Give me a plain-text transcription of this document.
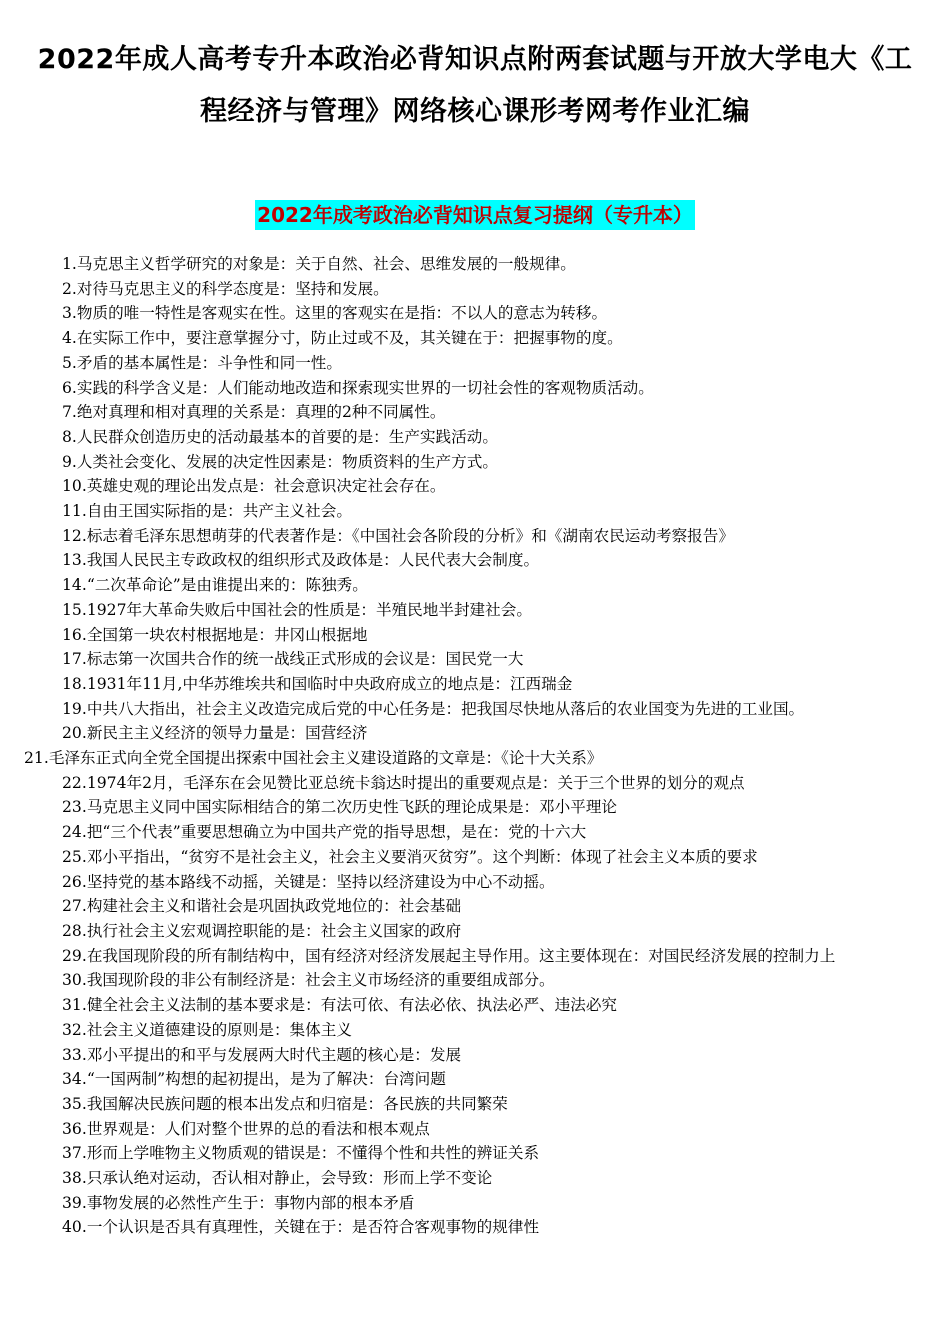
2022年成人高考专升本政治必背知识点附两套试题与开放大学电大《工
程经济与管理》网络核心课形考网考作业汇编
2022年成考政治必背知识点复习提纲（专升本）
1.马克思主义哲学研究的对象是：关于自然、社会、思维发展的一般规律。
2.对待马克思主义的科学态度是：坚持和发展。
3.物质的唯一特性是客观实在性。这里的客观实在是指：不以人的意志为转移。
4.在实际工作中，要注意掌握分寸，防止过或不及，其关键在于：把握事物的度。
5.矛盾的基本属性是：斗争性和同一性。
6.实践的科学含义是：人们能动地改造和探索现实世界的一切社会性的客观物质活动。
7.绝对真理和相对真理的关系是：真理的2种不同属性。
8.人民群众创造历史的活动最基本的首要的是：生产实践活动。
9.人类社会变化、发展的决定性因素是：物质资料的生产方式。
10.英雄史观的理论出发点是：社会意识决定社会存在。
11.自由王国实际指的是：共产主义社会。
12.标志着毛泽东思想萌芽的代表著作是：《中国社会各阶段的分析》和《湖南农民运动考察报告》
13.我国人民民主专政政权的组织形式及政体是：人民代表大会制度。
14.“二次革命论”是由谁提出来的：陈独秀。
15.1927年大革命失败后中国社会的性质是：半殖民地半封建社会。
16.全国第一块农村根据地是：井冈山根据地
17.标志第一次国共合作的统一战线正式形成的会议是：国民党一大
18.1931年11月,中华苏维埃共和国临时中央政府成立的地点是：江西瑞金
19.中共八大指出，社会主义改造完成后党的中心任务是：把我国尽快地从落后的农业国变为先进的工业国。
20.新民主主义经济的领导力量是：国营经济
21.毛泽东正式向全党全国提出探索中国社会主义建设道路的文章是：《论十大关系》
22.1974年2月，毛泽东在会见赞比亚总统卡翁达时提出的重要观点是：关于三个世界的划分的观点
23.马克思主义同中国实际相结合的第二次历史性飞跃的理论成果是：邓小平理论
24.把“三个代表”重要思想确立为中国共产党的指导思想，是在：党的十六大
25.邓小平指出，“贫穷不是社会主义，社会主义要消灭贫穷”。这个判断：体现了社会主义本质的要求
26.坚持党的基本路线不动摇，关键是：坚持以经济建设为中心不动摇。
27.构建社会主义和谐社会是巩固执政党地位的：社会基础
28.执行社会主义宏观调控职能的是：社会主义国家的政府
29.在我国现阶段的所有制结构中，国有经济对经济发展起主导作用。这主要体现在：对国民经济发展的控制力上
30.我国现阶段的非公有制经济是：社会主义市场经济的重要组成部分。
31.健全社会主义法制的基本要求是：有法可依、有法必依、执法必严、违法必究
32.社会主义道德建设的原则是：集体主义
33.邓小平提出的和平与发展两大时代主题的核心是：发展
34.“一国两制”构想的起初提出，是为了解决：台湾问题
35.我国解决民族问题的根本出发点和归宿是：各民族的共同繁荣
36.世界观是：人们对整个世界的总的看法和根本观点
37.形而上学唯物主义物质观的错误是：不懂得个性和共性的辨证关系
38.只承认绝对运动，否认相对静止，会导致：形而上学不变论
39.事物发展的必然性产生于：事物内部的根本矛盾
40.一个认识是否具有真理性，关键在于：是否符合客观事物的规律性
